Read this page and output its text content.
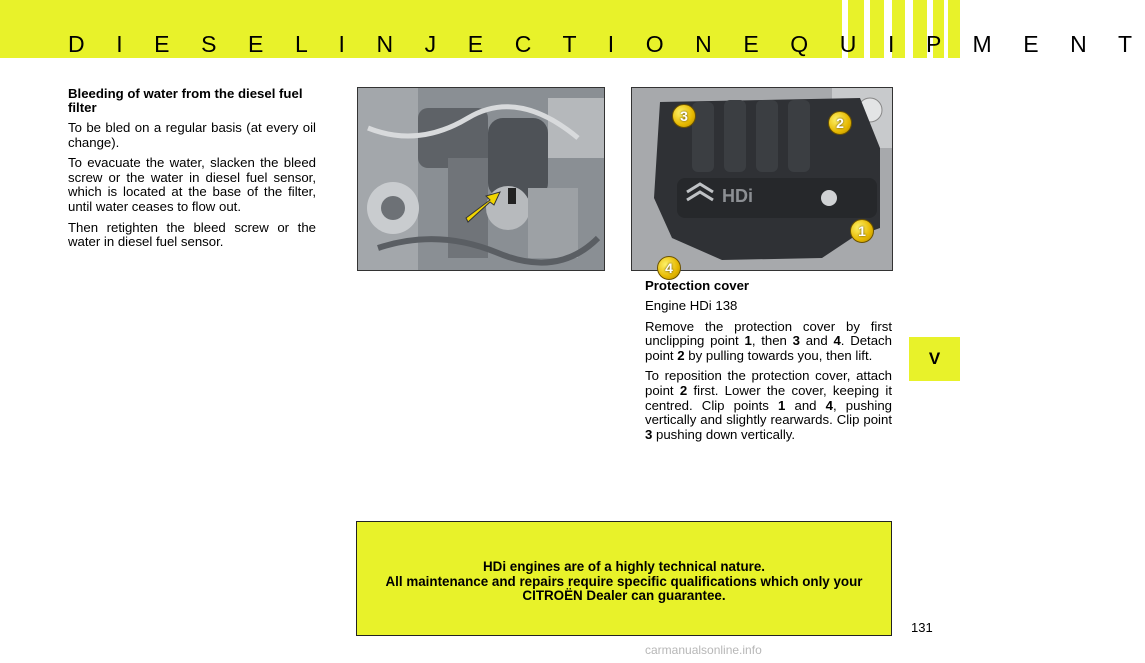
D I E S E L I N J E C T I O N E Q U I P M E N T
V
Bleeding of water from the diesel fuel filter

To be bled on a regular basis (at every oil change).

To evacuate the water, slacken the bleed screw or the water in diesel fuel sensor, which is located at the base of the filter, until water ceases to flow out.

Then retighten the bleed screw or the water in diesel fuel sensor.

HDi
3	2
1
4
Protection cover

Engine HDi 138

Remove the protection cover by first unclipping point 1, then 3 and 4. Detach point 2 by pulling towards you, then lift.

To reposition the protection cover, attach point 2 first. Lower the cover, keeping it centred. Clip points 1 and 4, pushing vertically and slightly rearwards. Clip point 3 pushing down vertically.

HDi engines are of a highly technical nature.
All maintenance and repairs require specific qualifications which only your CITROËN Dealer can guarantee.
131
carmanualsonline.info
